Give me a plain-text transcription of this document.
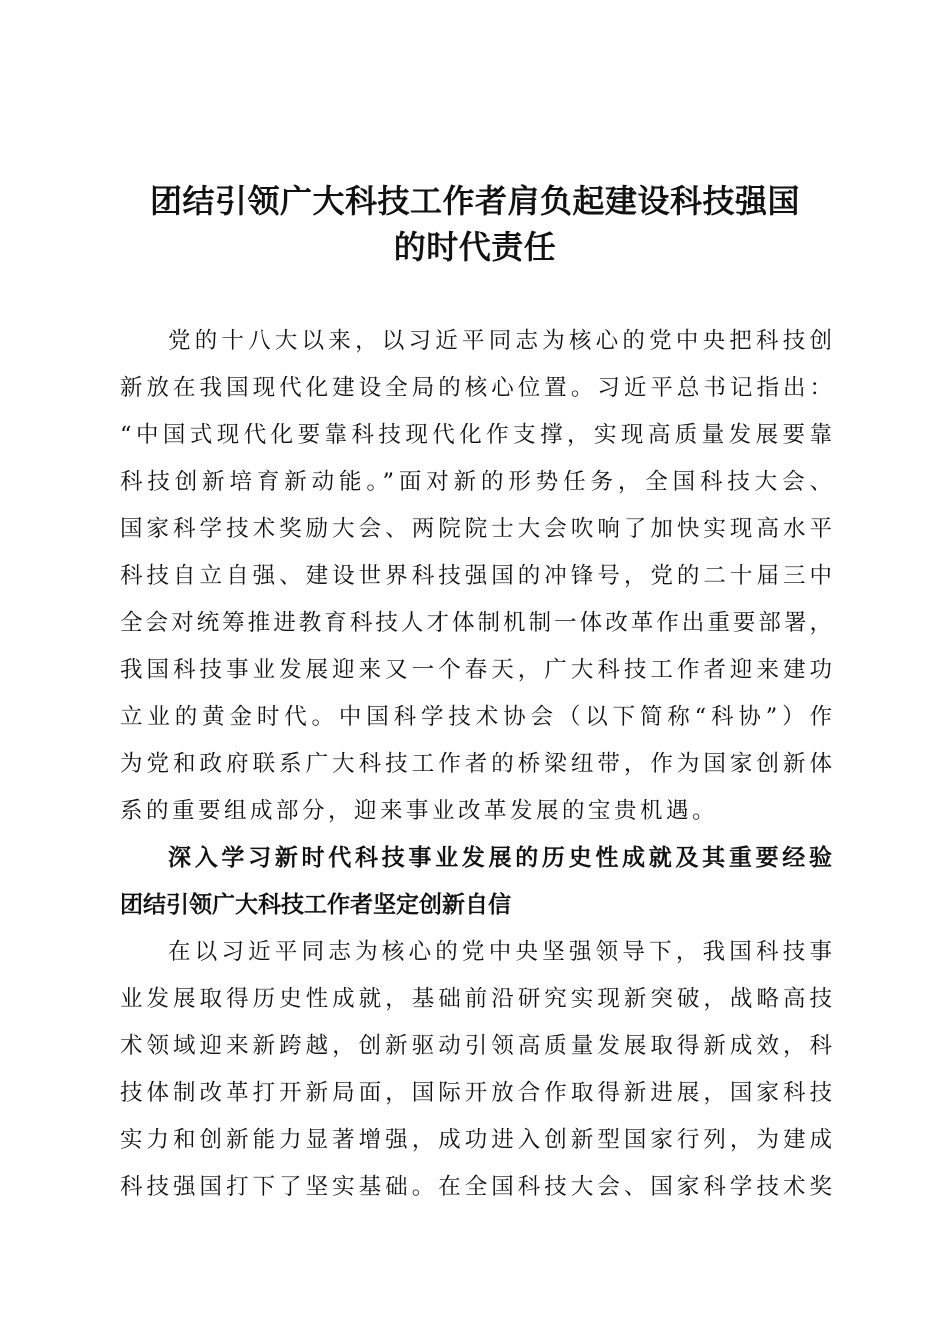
团结引领广大科技工作者肩负起建设科技强国
的时代责任
党的十八大以来，以习近平同志为核心的党中央把科技创
新放在我国现代化建设全局的核心位置。习近平总书记指出：
“中国式现代化要靠科技现代化作支撑，实现高质量发展要靠
科技创新培育新动能。”面对新的形势任务，全国科技大会、
国家科学技术奖励大会、两院院士大会吹响了加快实现高水平
科技自立自强、建设世界科技强国的冲锋号，党的二十届三中
全会对统筹推进教育科技人才体制机制一体改革作出重要部署，
我国科技事业发展迎来又一个春天，广大科技工作者迎来建功
立业的黄金时代。中国科学技术协会（以下简称“科协”）作
为党和政府联系广大科技工作者的桥梁纽带，作为国家创新体
系的重要组成部分，迎来事业改革发展的宝贵机遇。
深入学习新时代科技事业发展的历史性成就及其重要经验
团结引领广大科技工作者坚定创新自信
在以习近平同志为核心的党中央坚强领导下，我国科技事
业发展取得历史性成就，基础前沿研究实现新突破，战略高技
术领域迎来新跨越，创新驱动引领高质量发展取得新成效，科
技体制改革打开新局面，国际开放合作取得新进展，国家科技
实力和创新能力显著增强，成功进入创新型国家行列，为建成
科技强国打下了坚实基础。在全国科技大会、国家科学技术奖
